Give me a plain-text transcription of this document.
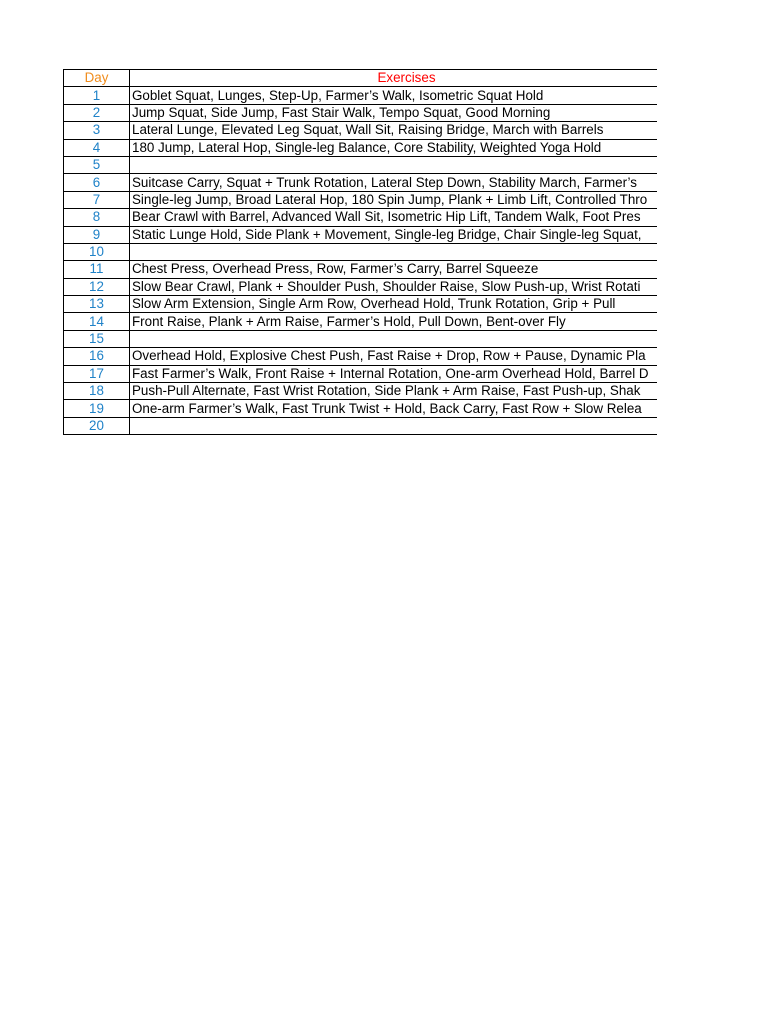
Day	Exercises
1	Goblet Squat, Lunges, Step-Up, Farmer’s Walk, Isometric Squat Hold
2	Jump Squat, Side Jump, Fast Stair Walk, Tempo Squat, Good Morning
3	Lateral Lunge, Elevated Leg Squat, Wall Sit, Raising Bridge, March with Barrels
4	180 Jump, Lateral Hop, Single-leg Balance, Core Stability, Weighted Yoga Hold
5	
6	Suitcase Carry, Squat + Trunk Rotation, Lateral Step Down, Stability March, Farmer’s
7	Single-leg Jump, Broad Lateral Hop, 180 Spin Jump, Plank + Limb Lift, Controlled Thro
8	Bear Crawl with Barrel, Advanced Wall Sit, Isometric Hip Lift, Tandem Walk, Foot Pres
9	Static Lunge Hold, Side Plank + Movement, Single-leg Bridge, Chair Single-leg Squat,
10	
11	Chest Press, Overhead Press, Row, Farmer’s Carry, Barrel Squeeze
12	Slow Bear Crawl, Plank + Shoulder Push, Shoulder Raise, Slow Push-up, Wrist Rotati
13	Slow Arm Extension, Single Arm Row, Overhead Hold, Trunk Rotation, Grip + Pull
14	Front Raise, Plank + Arm Raise, Farmer’s Hold, Pull Down, Bent-over Fly
15	
16	Overhead Hold, Explosive Chest Push, Fast Raise + Drop, Row + Pause, Dynamic Pla
17	Fast Farmer’s Walk, Front Raise + Internal Rotation, One-arm Overhead Hold, Barrel D
18	Push-Pull Alternate, Fast Wrist Rotation, Side Plank + Arm Raise, Fast Push-up, Shak
19	One-arm Farmer’s Walk, Fast Trunk Twist + Hold, Back Carry, Fast Row + Slow Relea
20	
